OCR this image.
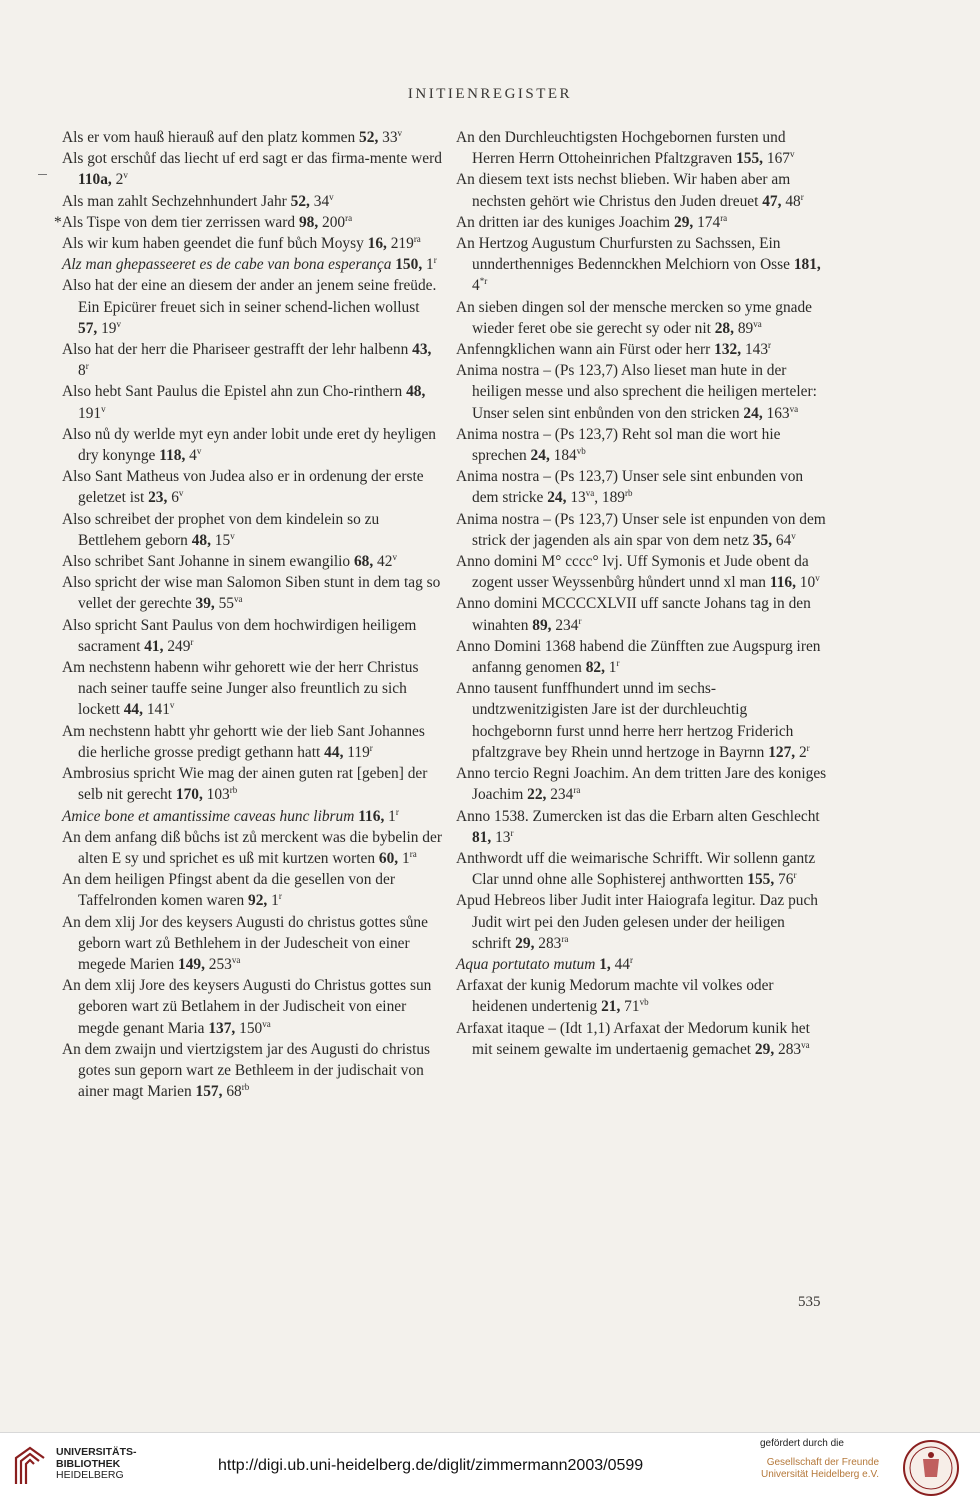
INITIENREGISTER

Als er vom hauß hierauß auf den platz kommen 52, 33$^v$

Als got erschůf das liecht uf erd sagt er das firma-mente werd 110a, 2$^v$

Als man zahlt Sechzehnhundert Jahr 52, 34$^v$

*Als Tispe von dem tier zerrissen ward 98, $200^{ra}$

Als wir kum haben geendet die funf bůch Moysy 16, $219^{ra}$

Alz man ghepasseeret es de cabe van bona esperança 150, 1$^r$

Also hat der eine an diesem der ander an jenem seine freüde. Ein Epicürer freuet sich in seiner schend-lichen wollust 57, 19$^v$

Also hat der herr die Phariseer gestrafft der lehr halbenn 43, 8$^r$

Also hebt Sant Paulus die Epistel ahn zun Cho-rinthern 48, 191$^v$

Also nů dy werlde myt eyn ander lobit unde eret dy heyligen dry konynge 118, 4$^v$

Also Sant Matheus von Judea also er in ordenung der erste geletzet ist 23, 6$^v$

Also schreibet der prophet von dem kindelein so zu Bettlehem geborn 48, 15$^v$

Also schribet Sant Johanne in sinem ewangilio 68, 42$^v$

Also spricht der wise man Salomon Siben stunt in dem tag so vellet der gerechte 39, $55^{va}$

Also spricht Sant Paulus von dem hochwirdigen heiligem sacrament 41, 249$^r$

Am nechstenn habenn wihr gehorett wie der herr Christus nach seiner tauffe seine Junger also freuntlich zu sich lockett 44, 141$^v$

Am nechstenn habtt yhr gehortt wie der lieb Sant Johannes die herliche grosse predigt gethann hatt 44, 119$^r$

Ambrosius spricht Wie mag der ainen guten rat [geben] der selb nit gerecht 170, $103^{rb}$

Amice bone et amantissime caveas hunc librum 116, 1$^r$

An dem anfang diß bůchs ist zů merckent was die bybelin der alten E sy und sprichet es uß mit kurtzen worten 60, $1^{ra}$

An dem heiligen Pfingst abent da die gesellen von der Taffelronden komen waren 92, 1$^r$

An dem xlij Jor des keysers Augusti do christus gottes sůne geborn wart zů Bethlehem in der Judescheit von einer megede Marien 149, $253^{va}$

An dem xlij Jore des keysers Augusti do Christus gottes sun geboren wart zü Betlahem in der Judischeit von einer megde genant Maria 137, $150^{va}$

An dem zwaijn und viertzigstem jar des Augusti do christus gotes sun geporn wart ze Bethleem in der judischait von ainer magt Marien 157, $68^{rb}$

An den Durchleuchtigsten Hochgebornen fursten und Herren Herrn Ottoheinrichen Pfaltzgraven 155, 167$^v$

An diesem text ists nechst blieben. Wir haben aber am nechsten gehört wie Christus den Juden dreuet 47, 48$^r$

An dritten iar des kuniges Joachim 29, $174^{ra}$

An Hertzog Augustum Churfursten zu Sachssen, Ein unnderthenniges Bedennckhen Melchiorn von Osse 181, 4$^{*r}$

An sieben dingen sol der mensche mercken so yme gnade wieder feret obe sie gerecht sy oder nit 28, $89^{va}$

Anfenngklichen wann ain Fürst oder herr 132, 143$^r$

Anima nostra – (Ps 123,7) Also lieset man hute in der heiligen messe und also sprechent die heiligen merteler: Unser selen sint enbůnden von den stricken 24, $163^{va}$

Anima nostra – (Ps 123,7) Reht sol man die wort hie sprechen 24, $184^{vb}$

Anima nostra – (Ps 123,7) Unser sele sint enbunden von dem stricke 24, $13^{va}$, $189^{rb}$

Anima nostra – (Ps 123,7) Unser sele ist enpunden von dem strick der jagenden als ain spar von dem netz 35, 64$^v$

Anno domini M° cccc° lvj. Uff Symonis et Jude obent da zogent usser Weyssenbůrg hůndert unnd xl man 116, 10$^v$

Anno domini MCCCCXLVII uff sancte Johans tag in den winahten 89, 234$^r$

Anno Domini 1368 habend die Zünfften zue Augspurg iren anfanng genomen 82, 1$^r$

Anno tausent funffhundert unnd im sechs-undtzwenitzigisten Jare ist der durchleuchtig hochgebornn furst unnd herre herr hertzog Friderich pfaltzgrave bey Rhein unnd hertzoge in Bayrnn 127, 2$^r$

Anno tercio Regni Joachim. An dem tritten Jare des koniges Joachim 22, $234^{ra}$

Anno 1538. Zumercken ist das die Erbarn alten Geschlecht 81, 13$^r$

Anthwordt uff die weimarische Schrifft. Wir sollenn gantz Clar unnd ohne alle Sophisterej anthwortten 155, 76$^r$

Apud Hebreos liber Judit inter Haiografa legitur. Daz puch Judit wirt pei den Juden gelesen under der heiligen schrift 29, $283^{ra}$

Aqua portutato mutum 1, 44$^r$

Arfaxat der kunig Medorum machte vil volkes oder heidenen undertenig 21, $71^{vb}$

Arfaxat itaque – (Idt 1,1) Arfaxat der Medorum kunik het mit seinem gewalte im undertaenig gemachet 29, $283^{va}$

535
UNIVERSITÄTS-
BIBLIOTHEK
HEIDELBERG
http://digi.ub.uni-heidelberg.de/diglit/zimmermann2003/0599
gefördert durch die
Gesellschaft der Freunde
Universität Heidelberg e.V.
